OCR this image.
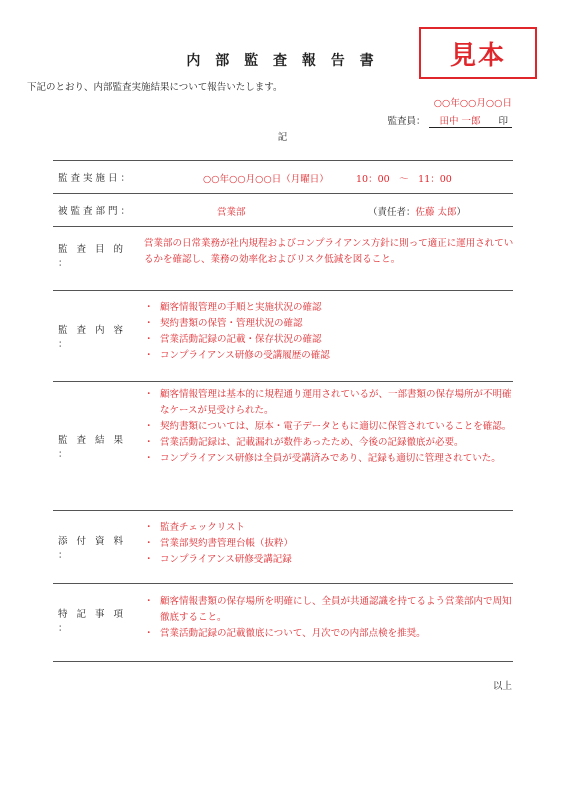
内 部 監 査 報 告 書	見本
下記のとおり、内部監査実施結果について報告いたします。
○○年○○月○○日
監査員： 田中 一郎 印
記
監査実施日：	○○年○○月○○日（月曜日）	10：00　～　11：00
被監査部門：	営業部	（責任者：佐藤 太郎）
監 査 目 的 ：
営業部の日常業務が社内規程およびコンプライアンス方針に則って適正に運用されているかを確認し、業務の効率化およびリスク低減を図ること。
監 査 内 容 ：
・ 顧客情報管理の手順と実施状況の確認
・ 契約書類の保管・管理状況の確認
・ 営業活動記録の記載・保存状況の確認
・ コンプライアンス研修の受講履歴の確認
監 査 結 果 ：
・ 顧客情報管理は基本的に規程通り運用されているが、一部書類の保存場所が不明確なケースが見受けられた。
・ 契約書類については、原本・電子データともに適切に保管されていることを確認。
・ 営業活動記録は、記載漏れが数件あったため、今後の記録徹底が必要。
・ コンプライアンス研修は全員が受講済みであり、記録も適切に管理されていた。
添 付 資 料 ：
・ 監査チェックリスト
・ 営業部契約書管理台帳（抜粋）
・ コンプライアンス研修受講記録
特 記 事 項 ：
・ 顧客情報書類の保存場所を明確にし、全員が共通認識を持てるよう営業部内で周知徹底すること。
・ 営業活動記録の記載徹底について、月次での内部点検を推奨。
以上
